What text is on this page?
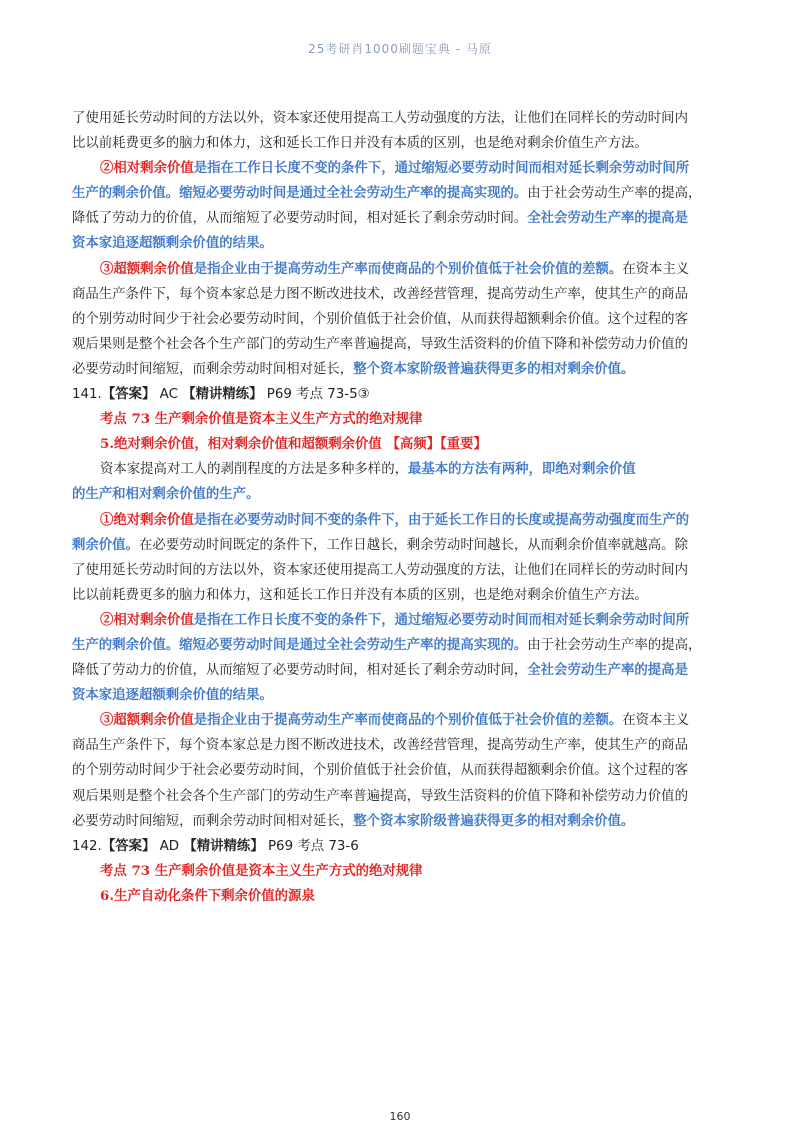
25考研肖1000刷题宝典 - 马原
了使用延长劳动时间的方法以外，资本家还使用提高工人劳动强度的方法，让他们在同样长的劳动时间内
比以前耗费更多的脑力和体力，这和延长工作日并没有本质的区别，也是绝对剩余价值生产方法。
②相对剩余价值是指在工作日长度不变的条件下，通过缩短必要劳动时间而相对延长剩余劳动时间所
生产的剩余价值。缩短必要劳动时间是通过全社会劳动生产率的提高实现的。由于社会劳动生产率的提高，
降低了劳动力的价值，从而缩短了必要劳动时间，相对延长了剩余劳动时间。全社会劳动生产率的提高是
资本家追逐超额剩余价值的结果。
③超额剩余价值是指企业由于提高劳动生产率而使商品的个别价值低于社会价值的差额。在资本主义
商品生产条件下，每个资本家总是力图不断改进技术，改善经营管理，提高劳动生产率，使其生产的商品
的个别劳动时间少于社会必要劳动时间，个别价值低于社会价值，从而获得超额剩余价值。这个过程的客
观后果则是整个社会各个生产部门的劳动生产率普遍提高，导致生活资料的价值下降和补偿劳动力价值的
必要劳动时间缩短，而剩余劳动时间相对延长，整个资本家阶级普遍获得更多的相对剩余价值。
141.【答案】 AC 【精讲精练】 P69 考点 73-5③
考点 73 生产剩余价值是资本主义生产方式的绝对规律
5.绝对剩余价值，相对剩余价值和超额剩余价值 【高频】【重要】
资本家提高对工人的剥削程度的方法是多种多样的，最基本的方法有两种，即绝对剩余价值
的生产和相对剩余价值的生产。
①绝对剩余价值是指在必要劳动时间不变的条件下，由于延长工作日的长度或提高劳动强度而生产的
剩余价值。在必要劳动时间既定的条件下，工作日越长，剩余劳动时间越长，从而剩余价值率就越高。除
了使用延长劳动时间的方法以外，资本家还使用提高工人劳动强度的方法，让他们在同样长的劳动时间内
比以前耗费更多的脑力和体力，这和延长工作日并没有本质的区别，也是绝对剩余价值生产方法。
②相对剩余价值是指在工作日长度不变的条件下，通过缩短必要劳动时间而相对延长剩余劳动时间所
生产的剩余价值。缩短必要劳动时间是通过全社会劳动生产率的提高实现的。由于社会劳动生产率的提高，
降低了劳动力的价值，从而缩短了必要劳动时间，相对延长了剩余劳动时间，全社会劳动生产率的提高是
资本家追逐超额剩余价值的结果。
③超额剩余价值是指企业由于提高劳动生产率而使商品的个别价值低于社会价值的差额。在资本主义
商品生产条件下，每个资本家总是力图不断改进技术，改善经营管理，提高劳动生产率，使其生产的商品
的个别劳动时间少于社会必要劳动时间，个别价值低于社会价值，从而获得超额剩余价值。这个过程的客
观后果则是整个社会各个生产部门的劳动生产率普遍提高，导致生活资料的价值下降和补偿劳动力价值的
必要劳动时间缩短，而剩余劳动时间相对延长，整个资本家阶级普遍获得更多的相对剩余价值。
142.【答案】 AD 【精讲精练】 P69 考点 73-6
考点 73 生产剩余价值是资本主义生产方式的绝对规律
6.生产自动化条件下剩余价值的源泉
160
